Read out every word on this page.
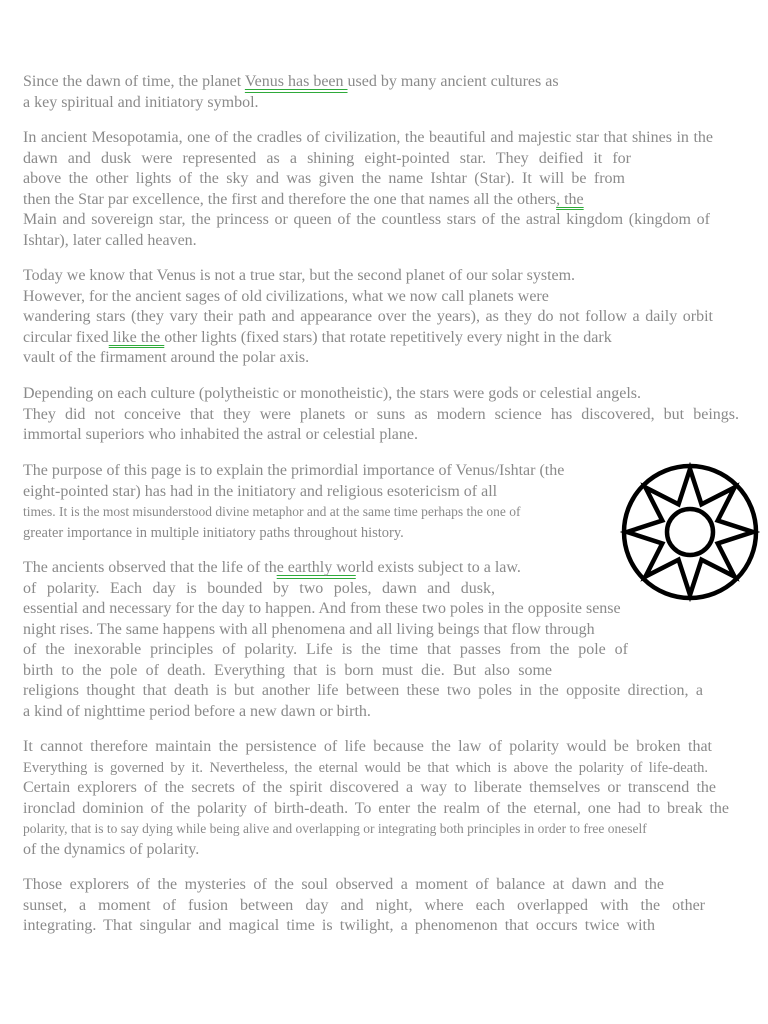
Since the dawn of time, the planet Venus has been used by many ancient cultures as
a key spiritual and initiatory symbol.
In ancient Mesopotamia, one of the cradles of civilization, the beautiful and majestic star that shines in the
dawn and dusk were represented as a shining eight-pointed star. They deified it for
above the other lights of the sky and was given the name Ishtar (Star). It will be from
then the Star par excellence, the first and therefore the one that names all the others, the
Main and sovereign star, the princess or queen of the countless stars of the astral kingdom (kingdom of
Ishtar), later called heaven.
Today we know that Venus is not a true star, but the second planet of our solar system.
However, for the ancient sages of old civilizations, what we now call planets were
wandering stars (they vary their path and appearance over the years), as they do not follow a daily orbit
circular fixed like the other lights (fixed stars) that rotate repetitively every night in the dark
vault of the firmament around the polar axis.
Depending on each culture (polytheistic or monotheistic), the stars were gods or celestial angels.
They did not conceive that they were planets or suns as modern science has discovered, but beings.
immortal superiors who inhabited the astral or celestial plane.
The purpose of this page is to explain the primordial importance of Venus/Ishtar (the
eight-pointed star) has had in the initiatory and religious esotericism of all
times. It is the most misunderstood divine metaphor and at the same time perhaps the one of
greater importance in multiple initiatory paths throughout history.
The ancients observed that the life of the earthly world exists subject to a law.
of polarity. Each day is bounded by two poles, dawn and dusk,
essential and necessary for the day to happen. And from these two poles in the opposite sense
night rises. The same happens with all phenomena and all living beings that flow through
of the inexorable principles of polarity. Life is the time that passes from the pole of
birth to the pole of death. Everything that is born must die. But also some
religions thought that death is but another life between these two poles in the opposite direction, a
a kind of nighttime period before a new dawn or birth.
It cannot therefore maintain the persistence of life because the law of polarity would be broken that
Everything is governed by it. Nevertheless, the eternal would be that which is above the polarity of life-death.
Certain explorers of the secrets of the spirit discovered a way to liberate themselves or transcend the
ironclad dominion of the polarity of birth-death. To enter the realm of the eternal, one had to break the
polarity, that is to say dying while being alive and overlapping or integrating both principles in order to free oneself
of the dynamics of polarity.
Those explorers of the mysteries of the soul observed a moment of balance at dawn and the
sunset, a moment of fusion between day and night, where each overlapped with the other
integrating. That singular and magical time is twilight, a phenomenon that occurs twice with
